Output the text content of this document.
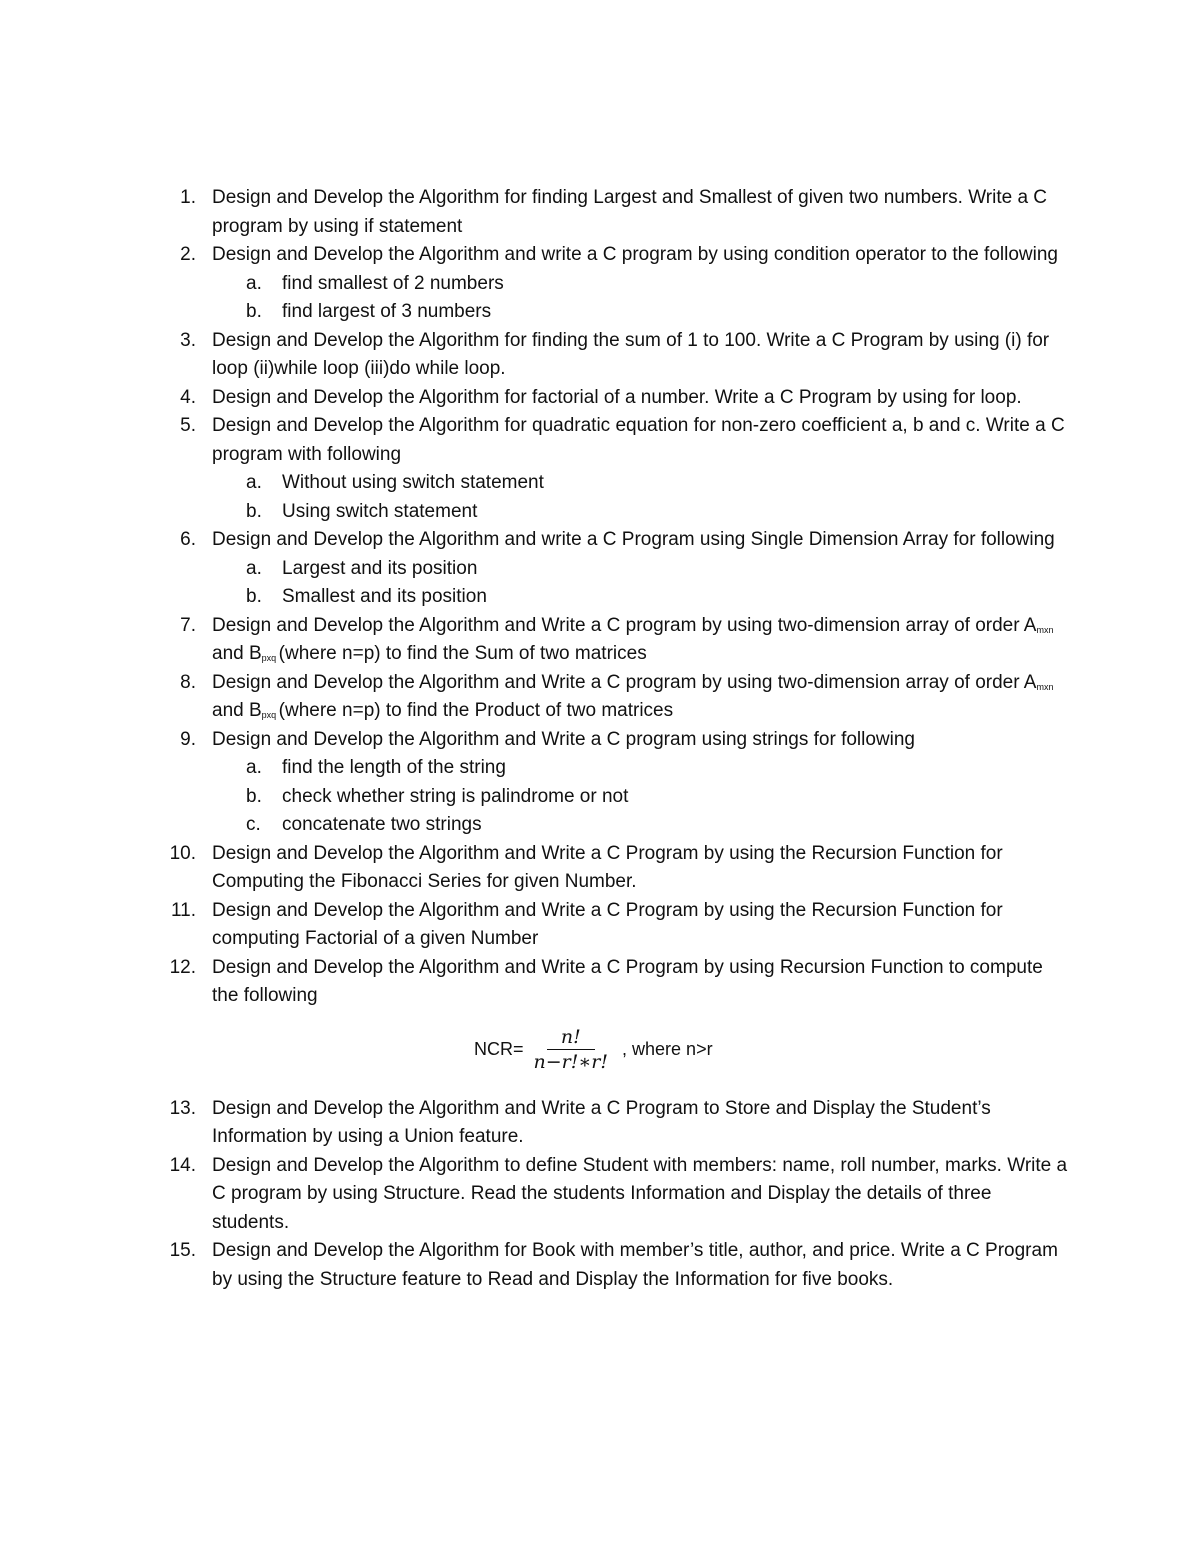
1. Design and Develop the Algorithm for finding Largest and Smallest of given two numbers. Write a C program by using if statement
2. Design and Develop the Algorithm and write a C program by using condition operator to the following
a. find smallest of 2 numbers
b. find largest of 3 numbers
3. Design and Develop the Algorithm for finding the sum of 1 to 100. Write a C Program by using (i) for loop (ii)while loop (iii)do while loop.
4. Design and Develop the Algorithm for factorial of a number. Write a C Program by using for loop.
5. Design and Develop the Algorithm for quadratic equation for non-zero coefficient a, b and c. Write a C program with following
a. Without using switch statement
b. Using switch statement
6. Design and Develop the Algorithm and write a C Program using Single Dimension Array for following
a. Largest and its position
b. Smallest and its position
7. Design and Develop the Algorithm and Write a C program by using two-dimension array of order $A_{mxn}$ and $B_{pxq}$ (where n=p) to find the Sum of two matrices
8. Design and Develop the Algorithm and Write a C program by using two-dimension array of order $A_{mxn}$ and $B_{pxq}$ (where n=p) to find the Product of two matrices
9. Design and Develop the Algorithm and Write a C program using strings for following
a. find the length of the string
b. check whether string is palindrome or not
c. concatenate two strings
10. Design and Develop the Algorithm and Write a C Program by using the Recursion Function for Computing the Fibonacci Series for given Number.
11. Design and Develop the Algorithm and Write a C Program by using the Recursion Function for computing Factorial of a given Number
12. Design and Develop the Algorithm and Write a C Program by using Recursion Function to compute the following
$NCR= \frac{n!}{n-r!∗r!}$ , where n>r
13. Design and Develop the Algorithm and Write a C Program to Store and Display the Student’s Information by using a Union feature.
14. Design and Develop the Algorithm to define Student with members: name, roll number, marks. Write a C program by using Structure. Read the students Information and Display the details of three students.
15. Design and Develop the Algorithm for Book with member’s title, author, and price. Write a C Program by using the Structure feature to Read and Display the Information for five books.
